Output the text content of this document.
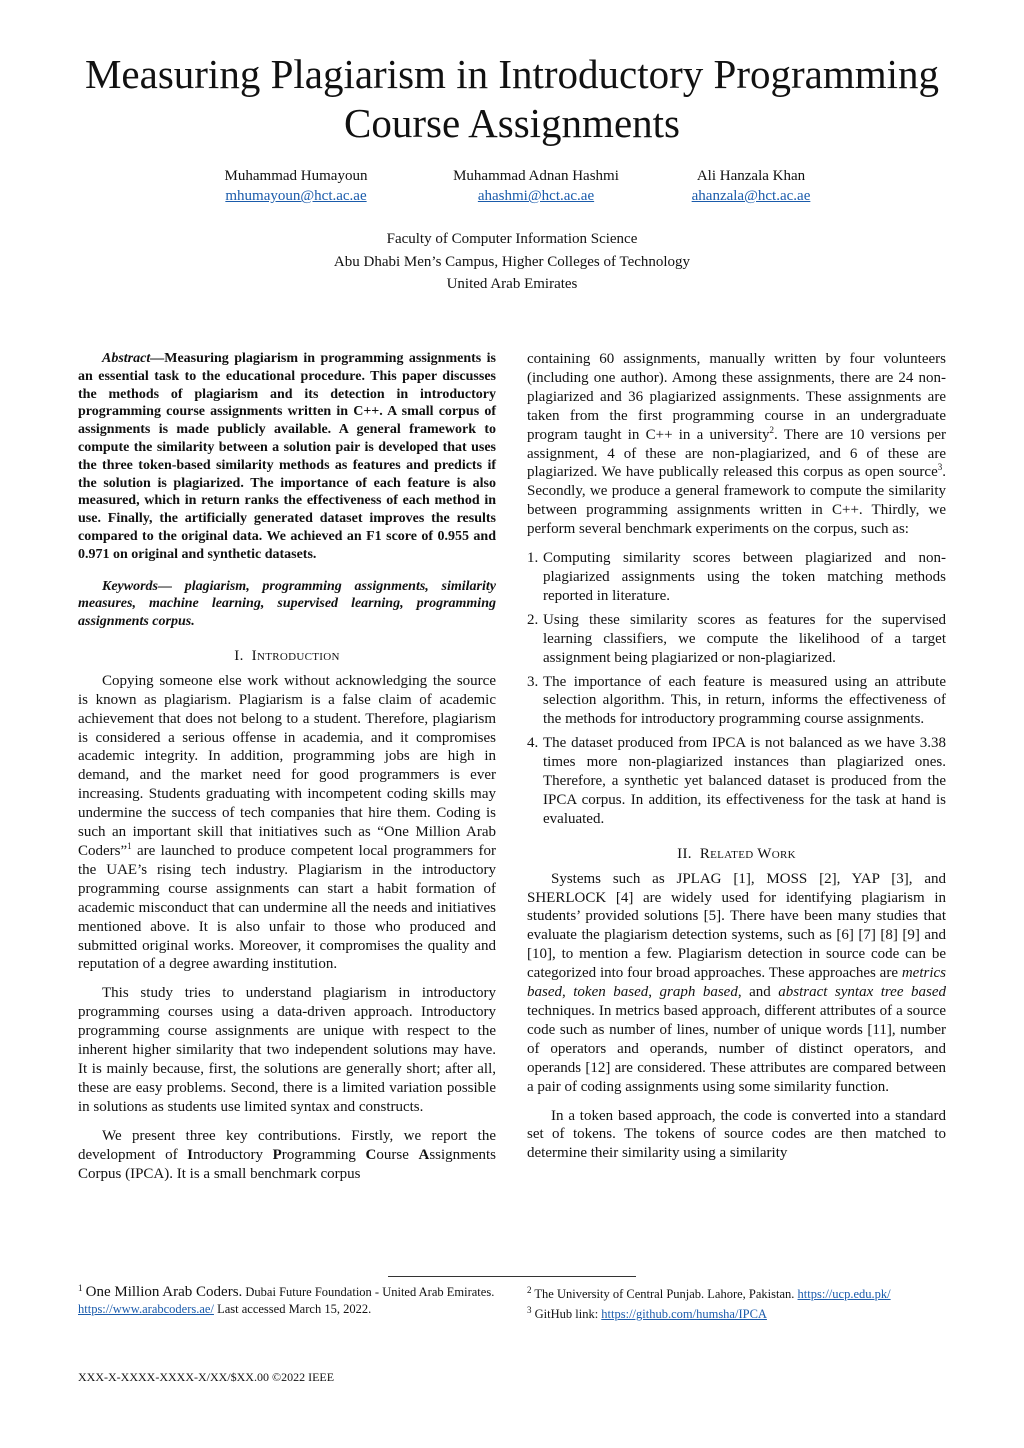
Measuring Plagiarism in Introductory Programming Course Assignments
Muhammad Humayoun
mhumayoun@hct.ac.ae
Muhammad Adnan Hashmi
ahashmi@hct.ac.ae
Ali Hanzala Khan
ahanzala@hct.ac.ae
Faculty of Computer Information Science
Abu Dhabi Men’s Campus, Higher Colleges of Technology
United Arab Emirates

Abstract—Measuring plagiarism in programming assignments is an essential task to the educational procedure. This paper discusses the methods of plagiarism and its detection in introductory programming course assignments written in C++. A small corpus of assignments is made publicly available. A general framework to compute the similarity between a solution pair is developed that uses the three token-based similarity methods as features and predicts if the solution is plagiarized. The importance of each feature is also measured, which in return ranks the effectiveness of each method in use. Finally, the artificially generated dataset improves the results compared to the original data. We achieved an F1 score of 0.955 and 0.971 on original and synthetic datasets.

Keywords— plagiarism, programming assignments, similarity measures, machine learning, supervised learning, programming assignments corpus.

I. Introduction

Copying someone else work without acknowledging the source is known as plagiarism. Plagiarism is a false claim of academic achievement that does not belong to a student. Therefore, plagiarism is considered a serious offense in academia, and it compromises academic integrity. In addition, programming jobs are high in demand, and the market need for good programmers is ever increasing. Students graduating with incompetent coding skills may undermine the success of tech companies that hire them. Coding is such an important skill that initiatives such as “One Million Arab Coders”$^1$ are launched to produce competent local programmers for the UAE’s rising tech industry. Plagiarism in the introductory programming course assignments can start a habit formation of academic misconduct that can undermine all the needs and initiatives mentioned above. It is also unfair to those who produced and submitted original works. Moreover, it compromises the quality and reputation of a degree awarding institution.

This study tries to understand plagiarism in introductory programming courses using a data-driven approach. Introductory programming course assignments are unique with respect to the inherent higher similarity that two independent solutions may have. It is mainly because, first, the solutions are generally short; after all, these are easy problems. Second, there is a limited variation possible in solutions as students use limited syntax and constructs.

We present three key contributions. Firstly, we report the development of Introductory Programming Course Assignments Corpus (IPCA). It is a small benchmark corpus

containing 60 assignments, manually written by four volunteers (including one author). Among these assignments, there are 24 non-plagiarized and 36 plagiarized assignments. These assignments are taken from the first programming course in an undergraduate program taught in C++ in a university$^2$. There are 10 versions per assignment, 4 of these are non-plagiarized, and 6 of these are plagiarized. We have publically released this corpus as open source$^3$. Secondly, we produce a general framework to compute the similarity between programming assignments written in C++. Thirdly, we perform several benchmark experiments on the corpus, such as:

1. Computing similarity scores between plagiarized and non-plagiarized assignments using the token matching methods reported in literature.
2. Using these similarity scores as features for the supervised learning classifiers, we compute the likelihood of a target assignment being plagiarized or non-plagiarized.
3. The importance of each feature is measured using an attribute selection algorithm. This, in return, informs the effectiveness of the methods for introductory programming course assignments.
4. The dataset produced from IPCA is not balanced as we have 3.38 times more non-plagiarized instances than plagiarized ones. Therefore, a synthetic yet balanced dataset is produced from the IPCA corpus. In addition, its effectiveness for the task at hand is evaluated.
II. Related Work

Systems such as JPLAG [1], MOSS [2], YAP [3], and SHERLOCK [4] are widely used for identifying plagiarism in students’ provided solutions [5]. There have been many studies that evaluate the plagiarism detection systems, such as [6] [7] [8] [9] and [10], to mention a few. Plagiarism detection in source code can be categorized into four broad approaches. These approaches are metrics based, token based, graph based, and abstract syntax tree based techniques. In metrics based approach, different attributes of a source code such as number of lines, number of unique words [11], number of operators and operands, number of distinct operators, and operands [12] are considered. These attributes are compared between a pair of coding assignments using some similarity function.

In a token based approach, the code is converted into a standard set of tokens. The tokens of source codes are then matched to determine their similarity using a similarity

$^1$ One Million Arab Coders. Dubai Future Foundation - United Arab Emirates. https://www.arabcoders.ae/ Last accessed March 15, 2022.
$^2$ The University of Central Punjab. Lahore, Pakistan. https://ucp.edu.pk/
$^3$ GitHub link: https://github.com/humsha/IPCA
XXX-X-XXXX-XXXX-X/XX/$XX.00 ©2022 IEEE
